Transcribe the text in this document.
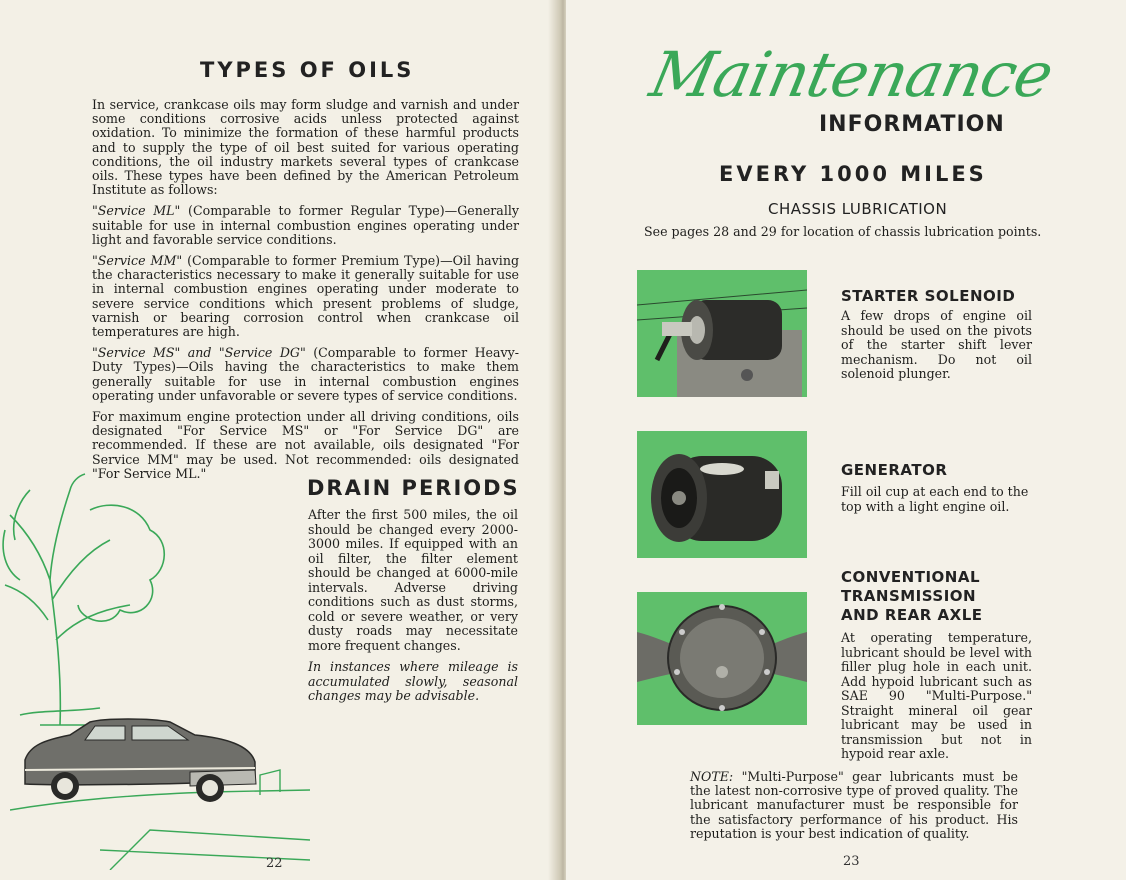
TYPES OF OILS

In service, crankcase oils may form sludge and varnish and under some conditions corrosive acids unless protected against oxidation. To minimize the formation of these harmful products and to supply the type of oil best suited for various operating conditions, the oil industry markets several types of crankcase oils. These types have been defined by the American Petroleum Institute as follows:

"Service ML" (Comparable to former Regular Type)—Generally suitable for use in internal combustion engines operating under light and favorable service conditions.

"Service MM" (Comparable to former Premium Type)—Oil having the characteristics necessary to make it generally suitable for use in internal combustion engines operating under moderate to severe service conditions which present problems of sludge, varnish or bearing corrosion control when crankcase oil temperatures are high.

"Service MS" and "Service DG" (Comparable to former Heavy-Duty Types)—Oils having the characteristics to make them generally suitable for use in internal combustion engines operating under unfavorable or severe types of service conditions.

For maximum engine protection under all driving conditions, oils designated "For Service MS" or "For Service DG" are recommended. If these are not available, oils designated "For Service MM" may be used. Not recommended: oils designated "For Service ML."

DRAIN PERIODS

After the first 500 miles, the oil should be changed every 2000-3000 miles. If equipped with an oil filter, the filter element should be changed at 6000-mile intervals. Adverse driving conditions such as dust storms, cold or severe weather, or very dusty roads may necessitate more frequent changes.

In instances where mileage is accumulated slowly, seasonal changes may be advisable.

22
Maintenance
INFORMATION
EVERY 1000 MILES
CHASSIS LUBRICATION
See pages 28 and 29 for location of chassis lubrication points.
STARTER SOLENOID
A few drops of engine oil should be used on the pivots of the starter shift lever mechanism. Do not oil solenoid plunger.
GENERATOR
Fill oil cup at each end to the top with a light engine oil.
CONVENTIONAL
TRANSMISSION
AND REAR AXLE
At operating temperature, lubricant should be level with filler plug hole in each unit. Add hypoid lubricant such as SAE 90 "Multi-Purpose." Straight mineral oil gear lubricant may be used in transmission but not in hypoid rear axle.
NOTE: "Multi-Purpose" gear lubricants must be the latest non-corrosive type of proved quality. The lubricant manufacturer must be responsible for the satisfactory performance of his product. His reputation is your best indication of quality.
23
